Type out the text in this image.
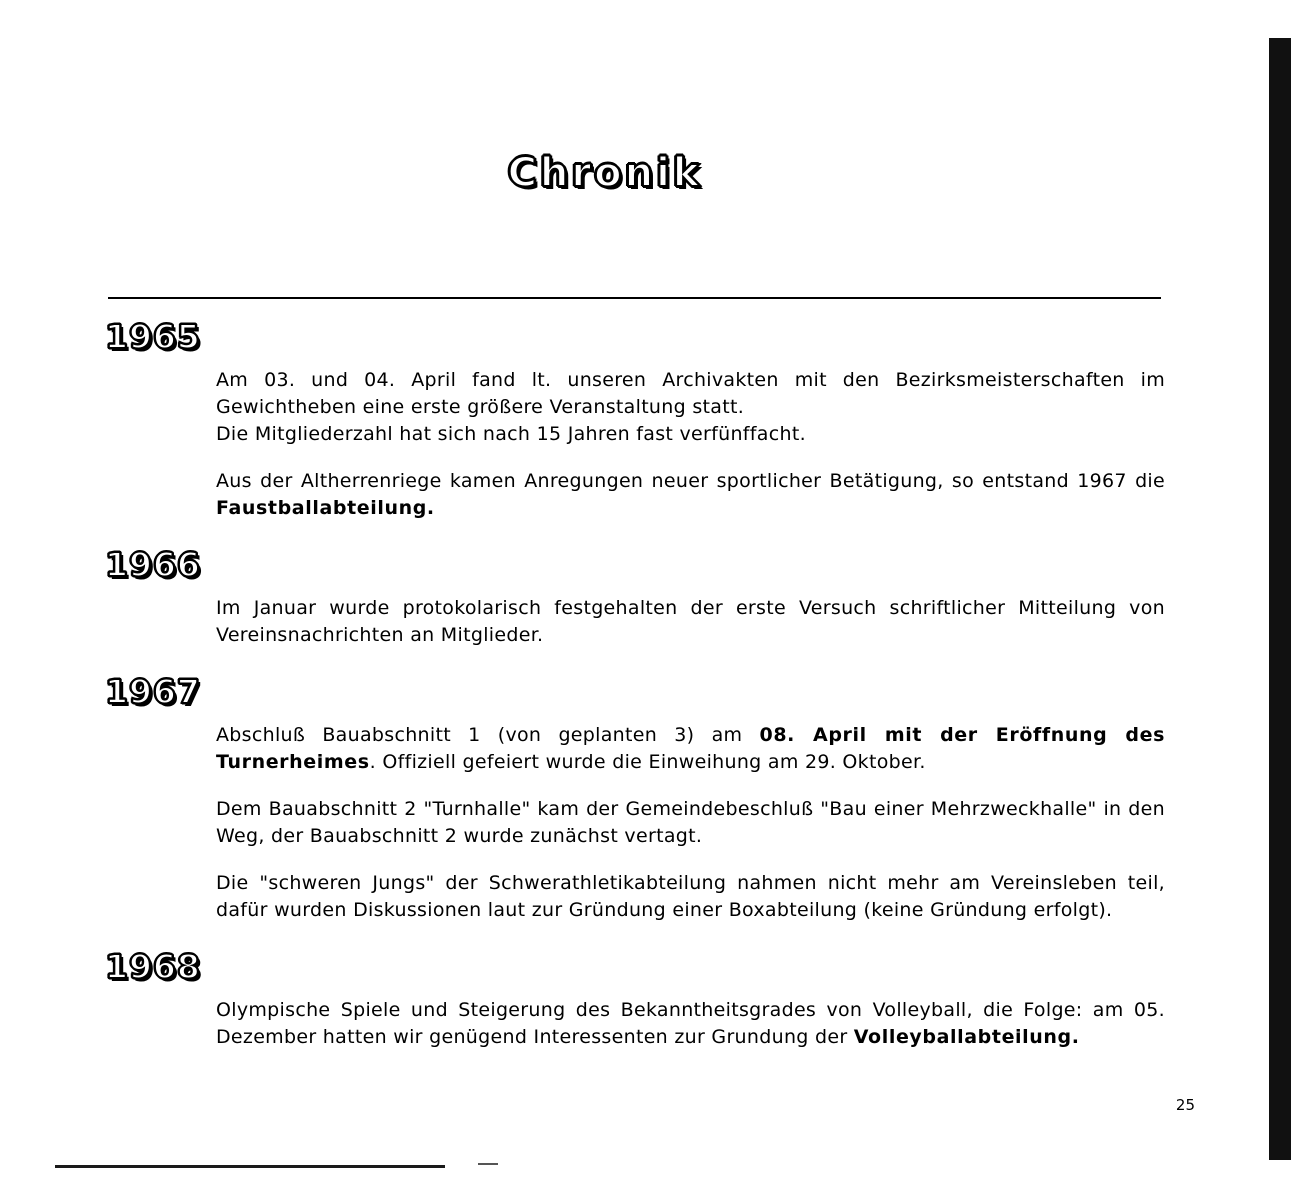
Chronik
1965

Am 03. und 04. April fand lt. unseren Archivakten mit den Bezirksmeisterschaften im Gewichtheben eine erste größere Veranstaltung statt.

Die Mitgliederzahl hat sich nach 15 Jahren fast verfünffacht.

Aus der Altherrenriege kamen Anregungen neuer sportlicher Betätigung, so entstand 1967 die Faustballabteilung.

1966

Im Januar wurde protokolarisch festgehalten der erste Versuch schriftlicher Mitteilung von Vereinsnachrichten an Mitglieder.

1967

Abschluß Bauabschnitt 1 (von geplanten 3) am 08. April mit der Eröffnung des Turnerheimes. Offiziell gefeiert wurde die Einweihung am 29. Oktober.

Dem Bauabschnitt 2 "Turnhalle" kam der Gemeindebeschluß "Bau einer Mehrzweckhalle" in den Weg, der Bauabschnitt 2 wurde zunächst vertagt.

Die "schweren Jungs" der Schwerathletikabteilung nahmen nicht mehr am Vereinsleben teil, dafür wurden Diskussionen laut zur Gründung einer Boxabteilung (keine Gründung erfolgt).

1968

Olympische Spiele und Steigerung des Bekanntheitsgrades von Volleyball, die Folge: am 05. Dezember hatten wir genügend Interessenten zur Grundung der Volleyballabteilung.

25
